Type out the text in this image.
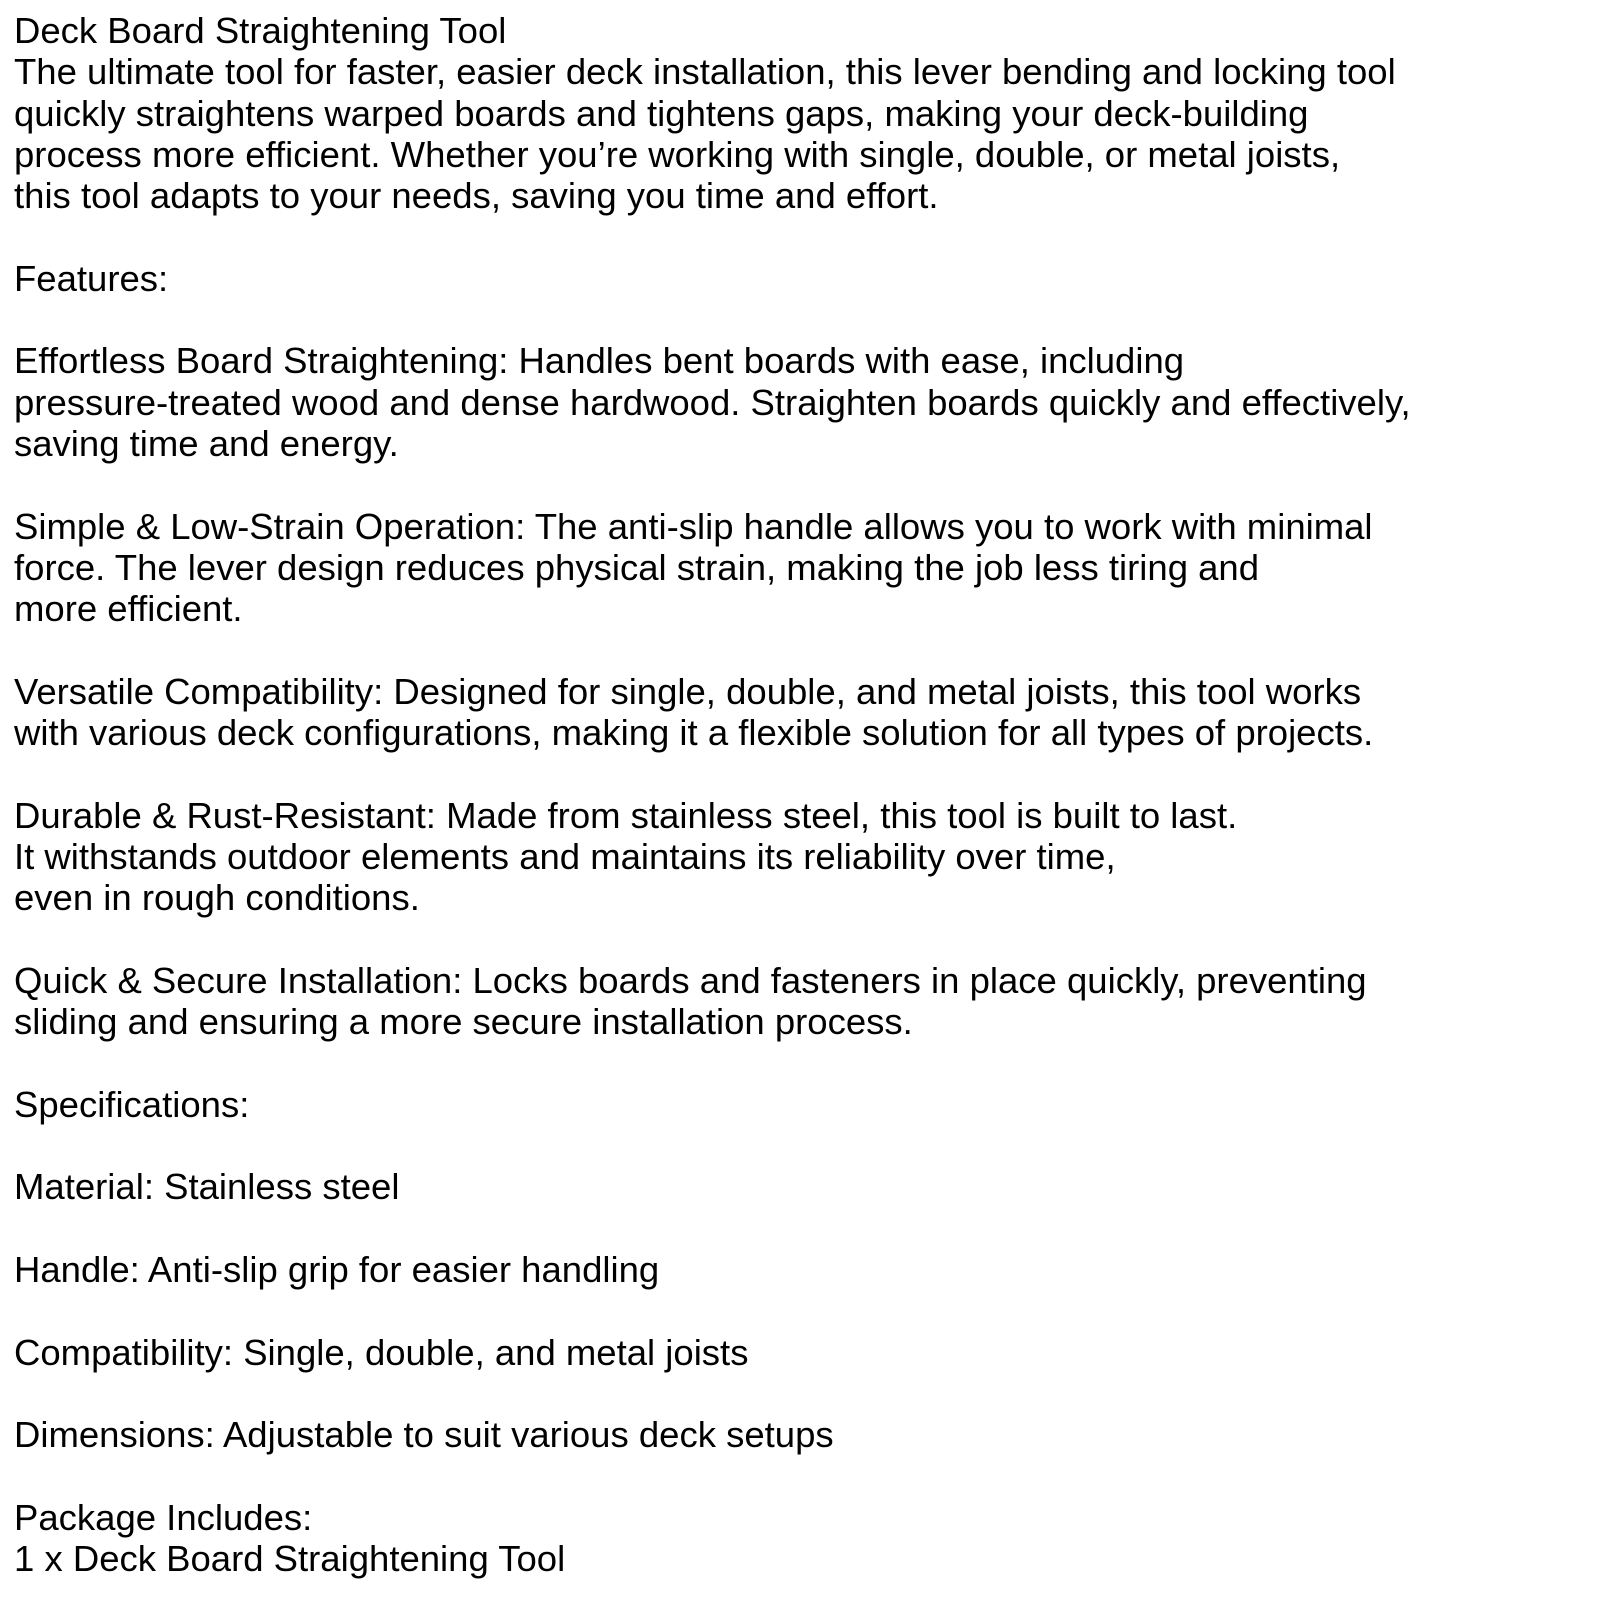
Deck Board Straightening Tool
The ultimate tool for faster, easier deck installation, this lever bending and locking tool
quickly straightens warped boards and tightens gaps, making your deck-building
process more efficient. Whether you’re working with single, double, or metal joists,
this tool adapts to your needs, saving you time and effort.
Features:
Effortless Board Straightening: Handles bent boards with ease, including
pressure-treated wood and dense hardwood. Straighten boards quickly and effectively,
saving time and energy.
Simple & Low-Strain Operation: The anti-slip handle allows you to work with minimal
force. The lever design reduces physical strain, making the job less tiring and
more efficient.
Versatile Compatibility: Designed for single, double, and metal joists, this tool works
with various deck configurations, making it a flexible solution for all types of projects.
Durable & Rust-Resistant: Made from stainless steel, this tool is built to last.
It withstands outdoor elements and maintains its reliability over time,
even in rough conditions.
Quick & Secure Installation: Locks boards and fasteners in place quickly, preventing
sliding and ensuring a more secure installation process.
Specifications:
Material: Stainless steel
Handle: Anti-slip grip for easier handling
Compatibility: Single, double, and metal joists
Dimensions: Adjustable to suit various deck setups
Package Includes:
1 x Deck Board Straightening Tool
